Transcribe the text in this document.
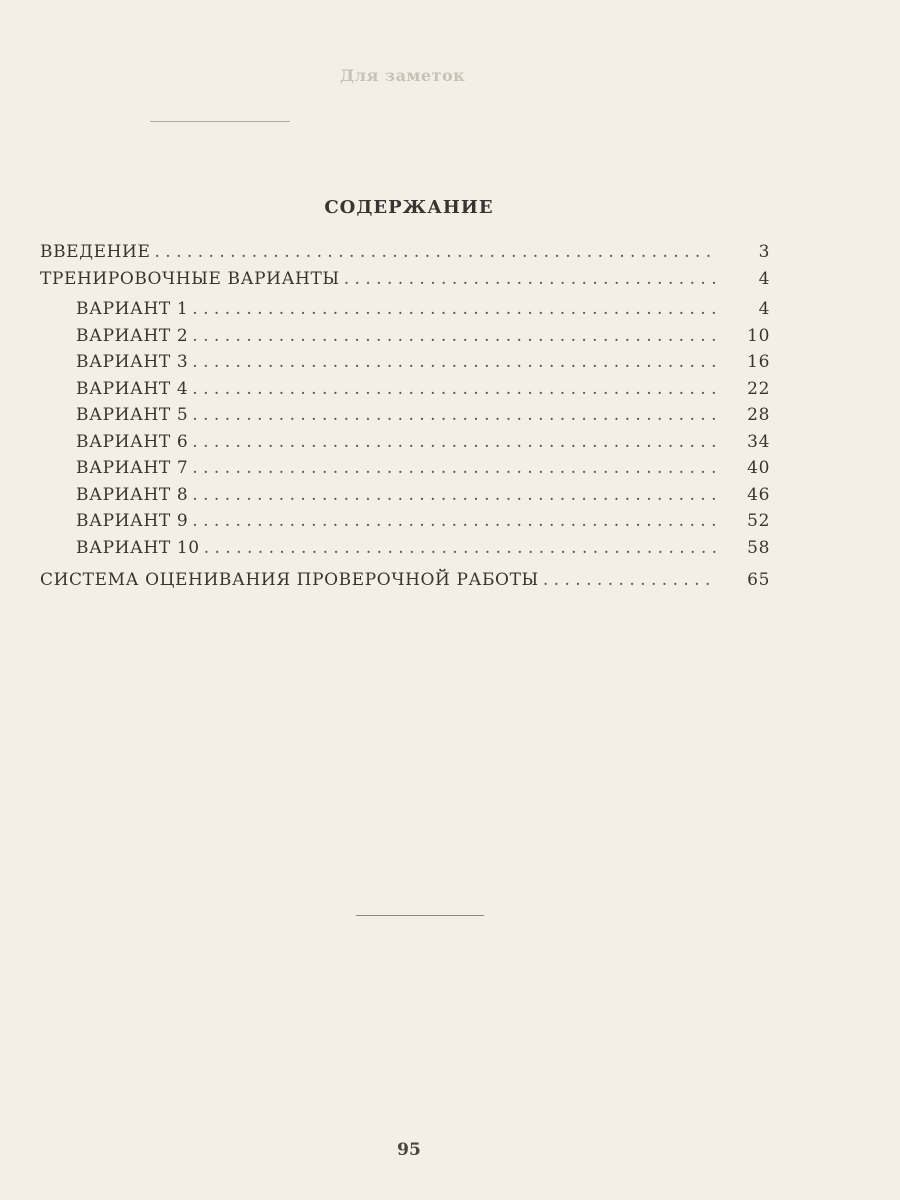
Для заметок
СОДЕРЖАНИЕ
ВВЕДЕНИЕ . . .	3
ТРЕНИРОВОЧНЫЕ ВАРИАНТЫ . . .	4
ВАРИАНТ 1 . . .	4
ВАРИАНТ 2 . . .	10
ВАРИАНТ 3 . . .	16
ВАРИАНТ 4 . . .	22
ВАРИАНТ 5 . . .	28
ВАРИАНТ 6 . . .	34
ВАРИАНТ 7 . . .	40
ВАРИАНТ 8 . . .	46
ВАРИАНТ 9 . . .	52
ВАРИАНТ 10 . . .	58
СИСТЕМА ОЦЕНИВАНИЯ ПРОВЕРОЧНОЙ РАБОТЫ . . .	65
95
